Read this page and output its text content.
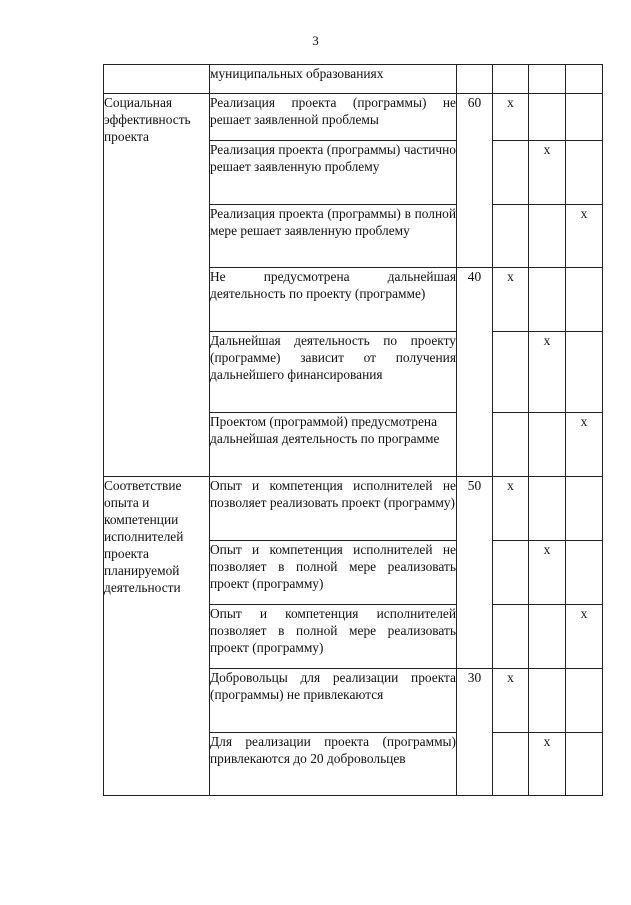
3
	муниципальных образованиях				
Социальная эффективность проекта	Реализация проекта (программы) не решает заявленной проблемы	60	х		
	Реализация проекта (программы) частично решает заявленную проблему			х	
	Реализация проекта (программы) в полной мере решает заявленную проблему				х
	Не предусмотрена дальнейшая деятельность по проекту (программе)	40	х		
	Дальнейшая деятельность по проекту (программе) зависит от получения дальнейшего финансирования			х	
	Проектом (программой) предусмотрена дальнейшая деятельность по программе				х
Соответствие опыта и компетенции исполнителей проекта планируемой деятельности	Опыт и компетенция исполнителей не позволяет реализовать проект (программу)	50	х		
	Опыт и компетенция исполнителей не позволяет в полной мере реализовать проект (программу)			х	
	Опыт и компетенция исполнителей позволяет в полной мере реализовать проект (программу)				х
	Добровольцы для реализации проекта (программы) не привлекаются	30	х		
	Для реализации проекта (программы) привлекаются до 20 добровольцев			х	
